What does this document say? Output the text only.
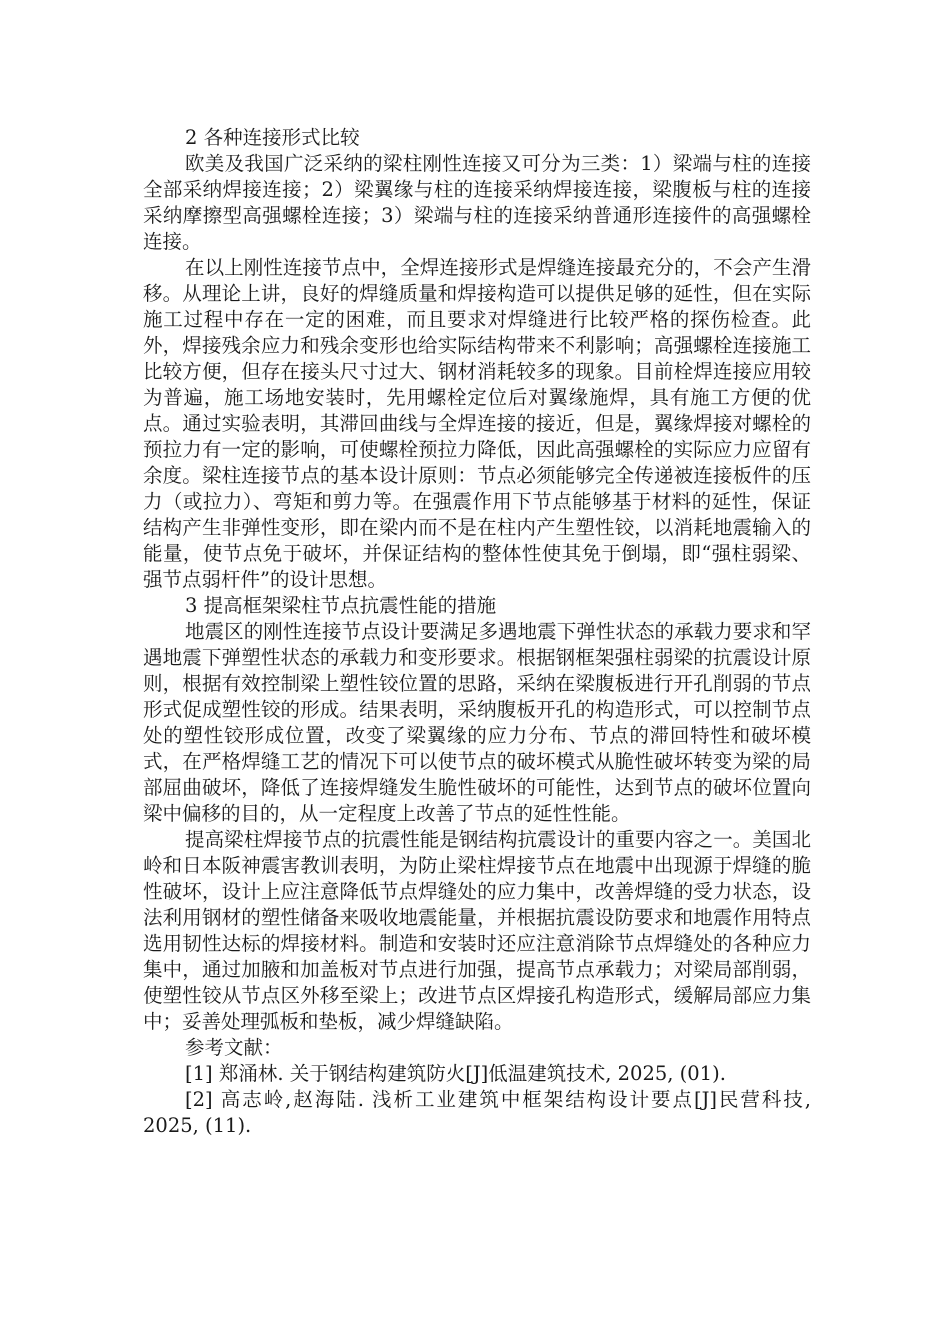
2 各种连接形式比较

欧美及我国广泛采纳的梁柱刚性连接又可分为三类：1）梁端与柱的连接全部采纳焊接连接；2）梁翼缘与柱的连接采纳焊接连接，梁腹板与柱的连接采纳摩擦型高强螺栓连接；3）梁端与柱的连接采纳普通形连接件的高强螺栓连接。

在以上刚性连接节点中，全焊连接形式是焊缝连接最充分的，不会产生滑移。从理论上讲，良好的焊缝质量和焊接构造可以提供足够的延性，但在实际施工过程中存在一定的困难，而且要求对焊缝进行比较严格的探伤检查。此外，焊接残余应力和残余变形也给实际结构带来不利影响；高强螺栓连接施工比较方便，但存在接头尺寸过大、钢材消耗较多的现象。目前栓焊连接应用较为普遍，施工场地安装时，先用螺栓定位后对翼缘施焊，具有施工方便的优点。通过实验表明，其滞回曲线与全焊连接的接近，但是，翼缘焊接对螺栓的预拉力有一定的影响，可使螺栓预拉力降低，因此高强螺栓的实际应力应留有余度。梁柱连接节点的基本设计原则：节点必须能够完全传递被连接板件的压力（或拉力）、弯矩和剪力等。在强震作用下节点能够基于材料的延性，保证结构产生非弹性变形，即在梁内而不是在柱内产生塑性铰，以消耗地震输入的能量，使节点免于破坏，并保证结构的整体性使其免于倒塌，即“强柱弱梁、强节点弱杆件”的设计思想。

3 提高框架梁柱节点抗震性能的措施

地震区的刚性连接节点设计要满足多遇地震下弹性状态的承载力要求和罕遇地震下弹塑性状态的承载力和变形要求。根据钢框架强柱弱梁的抗震设计原则，根据有效控制梁上塑性铰位置的思路，采纳在梁腹板进行开孔削弱的节点形式促成塑性铰的形成。结果表明，采纳腹板开孔的构造形式，可以控制节点处的塑性铰形成位置，改变了梁翼缘的应力分布、节点的滞回特性和破坏模式，在严格焊缝工艺的情况下可以使节点的破坏模式从脆性破坏转变为梁的局部屈曲破坏，降低了连接焊缝发生脆性破坏的可能性，达到节点的破坏位置向梁中偏移的目的，从一定程度上改善了节点的延性性能。

提高梁柱焊接节点的抗震性能是钢结构抗震设计的重要内容之一。美国北岭和日本阪神震害教训表明，为防止梁柱焊接节点在地震中出现源于焊缝的脆性破坏，设计上应注意降低节点焊缝处的应力集中，改善焊缝的受力状态，设法利用钢材的塑性储备来吸收地震能量，并根据抗震设防要求和地震作用特点选用韧性达标的焊接材料。制造和安装时还应注意消除节点焊缝处的各种应力集中，通过加腋和加盖板对节点进行加强，提高节点承载力；对梁局部削弱，使塑性铰从节点区外移至梁上；改进节点区焊接孔构造形式，缓解局部应力集中；妥善处理弧板和垫板，减少焊缝缺陷。

参考文献：

[1] 郑涌林. 关于钢结构建筑防火[J]低温建筑技术, 2025, (01).

[2] 高志岭,赵海陆. 浅析工业建筑中框架结构设计要点[J]民营科技, 2025, (11).
